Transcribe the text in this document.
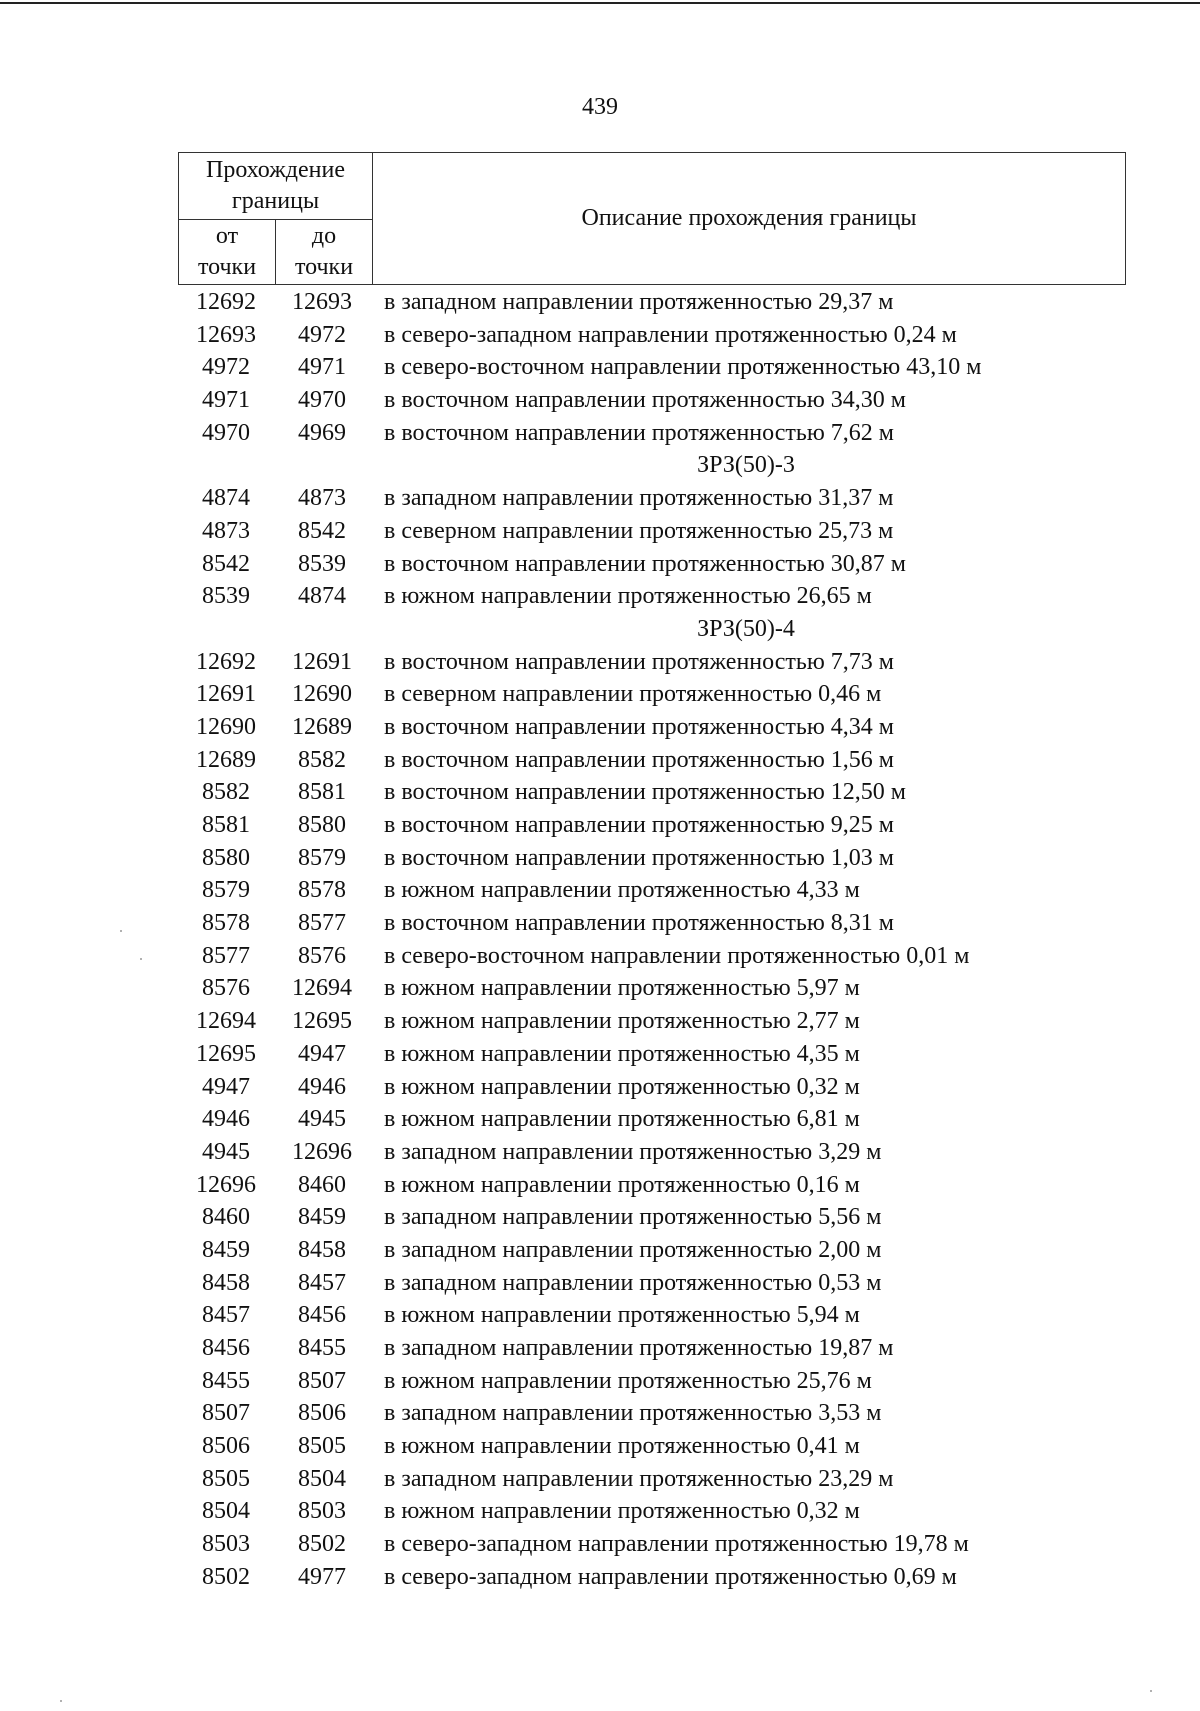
439
Прохождение границы		Описание прохождения границы

от точки	до точки	
12692	12693	в западном направлении протяженностью 29,37 м
12693	4972	в северо-западном направлении протяженностью 0,24 м
4972	4971	в северо-восточном направлении протяженностью 43,10 м
4971	4970	в восточном направлении протяженностью 34,30 м
4970	4969	в восточном направлении протяженностью 7,62 м
ЗРЗ(50)-3
4874	4873	в западном направлении протяженностью 31,37 м
4873	8542	в северном направлении протяженностью 25,73 м
8542	8539	в восточном направлении протяженностью 30,87 м
8539	4874	в южном направлении протяженностью 26,65 м
ЗРЗ(50)-4
12692	12691	в восточном направлении протяженностью 7,73 м
12691	12690	в северном направлении протяженностью 0,46 м
12690	12689	в восточном направлении протяженностью 4,34 м
12689	8582	в восточном направлении протяженностью 1,56 м
8582	8581	в восточном направлении протяженностью 12,50 м
8581	8580	в восточном направлении протяженностью 9,25 м
8580	8579	в восточном направлении протяженностью 1,03 м
8579	8578	в южном направлении протяженностью 4,33 м
8578	8577	в восточном направлении протяженностью 8,31 м
8577	8576	в северо-восточном направлении протяженностью 0,01 м
8576	12694	в южном направлении протяженностью 5,97 м
12694	12695	в южном направлении протяженностью 2,77 м
12695	4947	в южном направлении протяженностью 4,35 м
4947	4946	в южном направлении протяженностью 0,32 м
4946	4945	в южном направлении протяженностью 6,81 м
4945	12696	в западном направлении протяженностью 3,29 м
12696	8460	в южном направлении протяженностью 0,16 м
8460	8459	в западном направлении протяженностью 5,56 м
8459	8458	в западном направлении протяженностью 2,00 м
8458	8457	в западном направлении протяженностью 0,53 м
8457	8456	в южном направлении протяженностью 5,94 м
8456	8455	в западном направлении протяженностью 19,87 м
8455	8507	в южном направлении протяженностью 25,76 м
8507	8506	в западном направлении протяженностью 3,53 м
8506	8505	в южном направлении протяженностью 0,41 м
8505	8504	в западном направлении протяженностью 23,29 м
8504	8503	в южном направлении протяженностью 0,32 м
8503	8502	в северо-западном направлении протяженностью 19,78 м
8502	4977	в северо-западном направлении протяженностью 0,69 м
